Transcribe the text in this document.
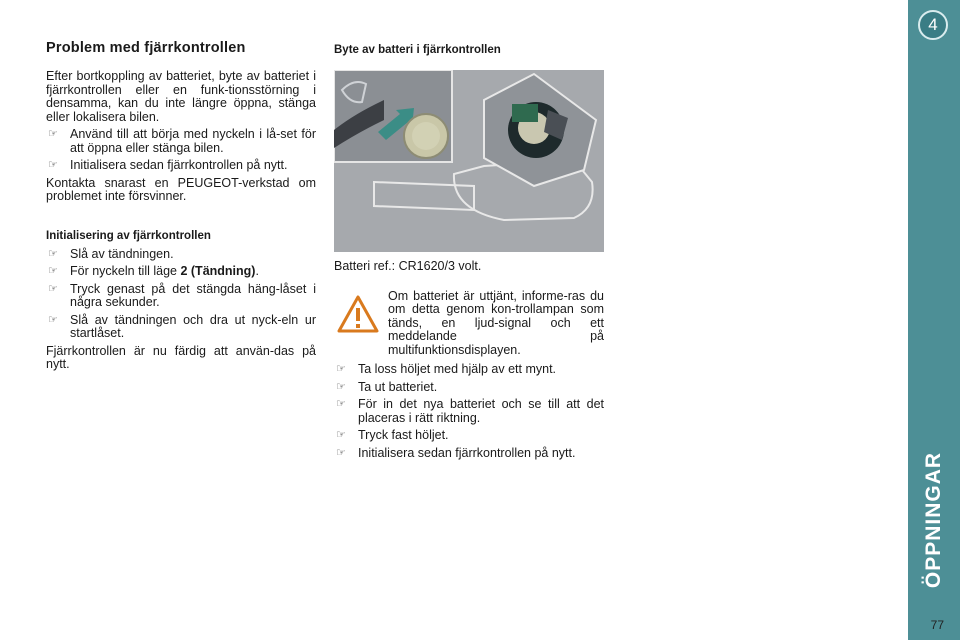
Problem med fjärrkontrollen

Efter bortkoppling av batteriet, byte av batteriet i fjärrkontrollen eller en funk-tionsstörning i densamma, kan du inte längre öppna, stänga eller lokalisera bilen.

☞ Använd till att börja med nyckeln i lå-set för att öppna eller stänga bilen.
☞ Initialisera sedan fjärrkontrollen på nytt.

Kontakta snarast en PEUGEOT-verkstad om problemet inte försvinner.

Initialisering av fjärrkontrollen
☞ Slå av tändningen.
☞ För nyckeln till läge 2 (Tändning).
☞ Tryck genast på det stängda häng-låset i några sekunder.
☞ Slå av tändningen och dra ut nyck-eln ur startlåset.

Fjärrkontrollen är nu färdig att använ-das på nytt.

Byte av batteri i fjärrkontrollen

Batteri ref.: CR1620/3 volt.

Om batteriet är uttjänt, informe-ras du om detta genom kon-trollampan som tänds, en ljud-signal och ett meddelande på multifunktionsdisplayen.

☞ Ta loss höljet med hjälp av ett mynt.
☞ Ta ut batteriet.
☞ För in det nya batteriet och se till att det placeras i rätt riktning.
☞ Tryck fast höljet.
☞ Initialisera sedan fjärrkontrollen på nytt.
4
ÖPPNINGAR
77
